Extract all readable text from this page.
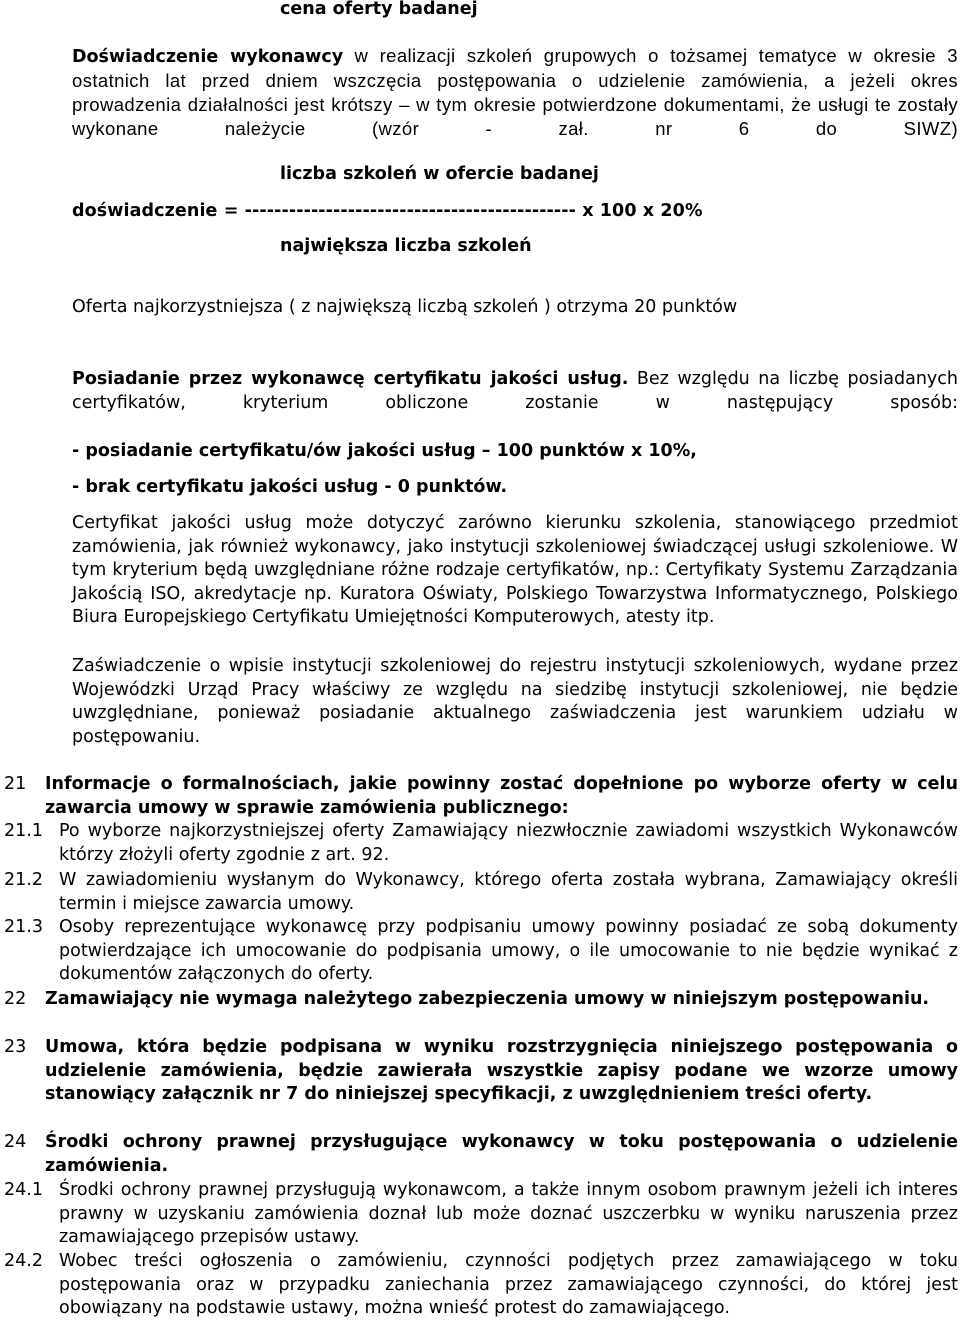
cena oferty badanej
Doświadczenie wykonawcy w realizacji szkoleń grupowych o tożsamej tematyce w okresie 3 ostatnich lat przed dniem wszczęcia postępowania o udzielenie zamówienia, a jeżeli okres prowadzenia działalności jest krótszy – w tym okresie potwierdzone dokumentami, że usługi te zostały wykonane należycie (wzór - zał. nr 6 do SIWZ)
liczba szkoleń w ofercie badanej
doświadczenie = --------------------------------------------- x 100 x 20%
największa liczba szkoleń
Oferta najkorzystniejsza ( z największą liczbą szkoleń ) otrzyma 20 punktów
Posiadanie przez wykonawcę certyfikatu jakości usług. Bez względu na liczbę posiadanych certyfikatów, kryterium obliczone zostanie w następujący sposób:
- posiadanie certyfikatu/ów jakości usług – 100 punktów x 10%,
- brak certyfikatu jakości usług - 0 punktów.
Certyfikat jakości usług może dotyczyć zarówno kierunku szkolenia, stanowiącego przedmiot zamówienia, jak również wykonawcy, jako instytucji szkoleniowej świadczącej usługi szkoleniowe. W tym kryterium będą uwzględniane różne rodzaje certyfikatów, np.: Certyfikaty Systemu Zarządzania Jakością ISO, akredytacje np. Kuratora Oświaty, Polskiego Towarzystwa Informatycznego, Polskiego Biura Europejskiego Certyfikatu Umiejętności Komputerowych, atesty itp.
Zaświadczenie o wpisie instytucji szkoleniowej do rejestru instytucji szkoleniowych, wydane przez Wojewódzki Urząd Pracy właściwy ze względu na siedzibę instytucji szkoleniowej, nie będzie uwzględniane, ponieważ posiadanie aktualnego zaświadczenia jest warunkiem udziału w postępowaniu.
21 Informacje o formalnościach, jakie powinny zostać dopełnione po wyborze oferty w celu zawarcia umowy w sprawie zamówienia publicznego:
21.1 Po wyborze najkorzystniejszej oferty Zamawiający niezwłocznie zawiadomi wszystkich Wykonawców którzy złożyli oferty zgodnie z art. 92.
21.2 W zawiadomieniu wysłanym do Wykonawcy, którego oferta została wybrana, Zamawiający określi termin i miejsce zawarcia umowy.
21.3 Osoby reprezentujące wykonawcę przy podpisaniu umowy powinny posiadać ze sobą dokumenty potwierdzające ich umocowanie do podpisania umowy, o ile umocowanie to nie będzie wynikać z dokumentów załączonych do oferty.
22 Zamawiający nie wymaga należytego zabezpieczenia umowy w niniejszym postępowaniu.
23 Umowa, która będzie podpisana w wyniku rozstrzygnięcia niniejszego postępowania o udzielenie zamówienia, będzie zawierała wszystkie zapisy podane we wzorze umowy stanowiący załącznik nr 7 do niniejszej specyfikacji, z uwzględnieniem treści oferty.
24 Środki ochrony prawnej przysługujące wykonawcy w toku postępowania o udzielenie zamówienia.
24.1 Środki ochrony prawnej przysługują wykonawcom, a także innym osobom prawnym jeżeli ich interes prawny w uzyskaniu zamówienia doznał lub może doznać uszczerbku w wyniku naruszenia przez zamawiającego przepisów ustawy.
24.2 Wobec treści ogłoszenia o zamówieniu, czynności podjętych przez zamawiającego w toku postępowania oraz w przypadku zaniechania przez zamawiającego czynności, do której jest obowiązany na podstawie ustawy, można wnieść protest do zamawiającego.
